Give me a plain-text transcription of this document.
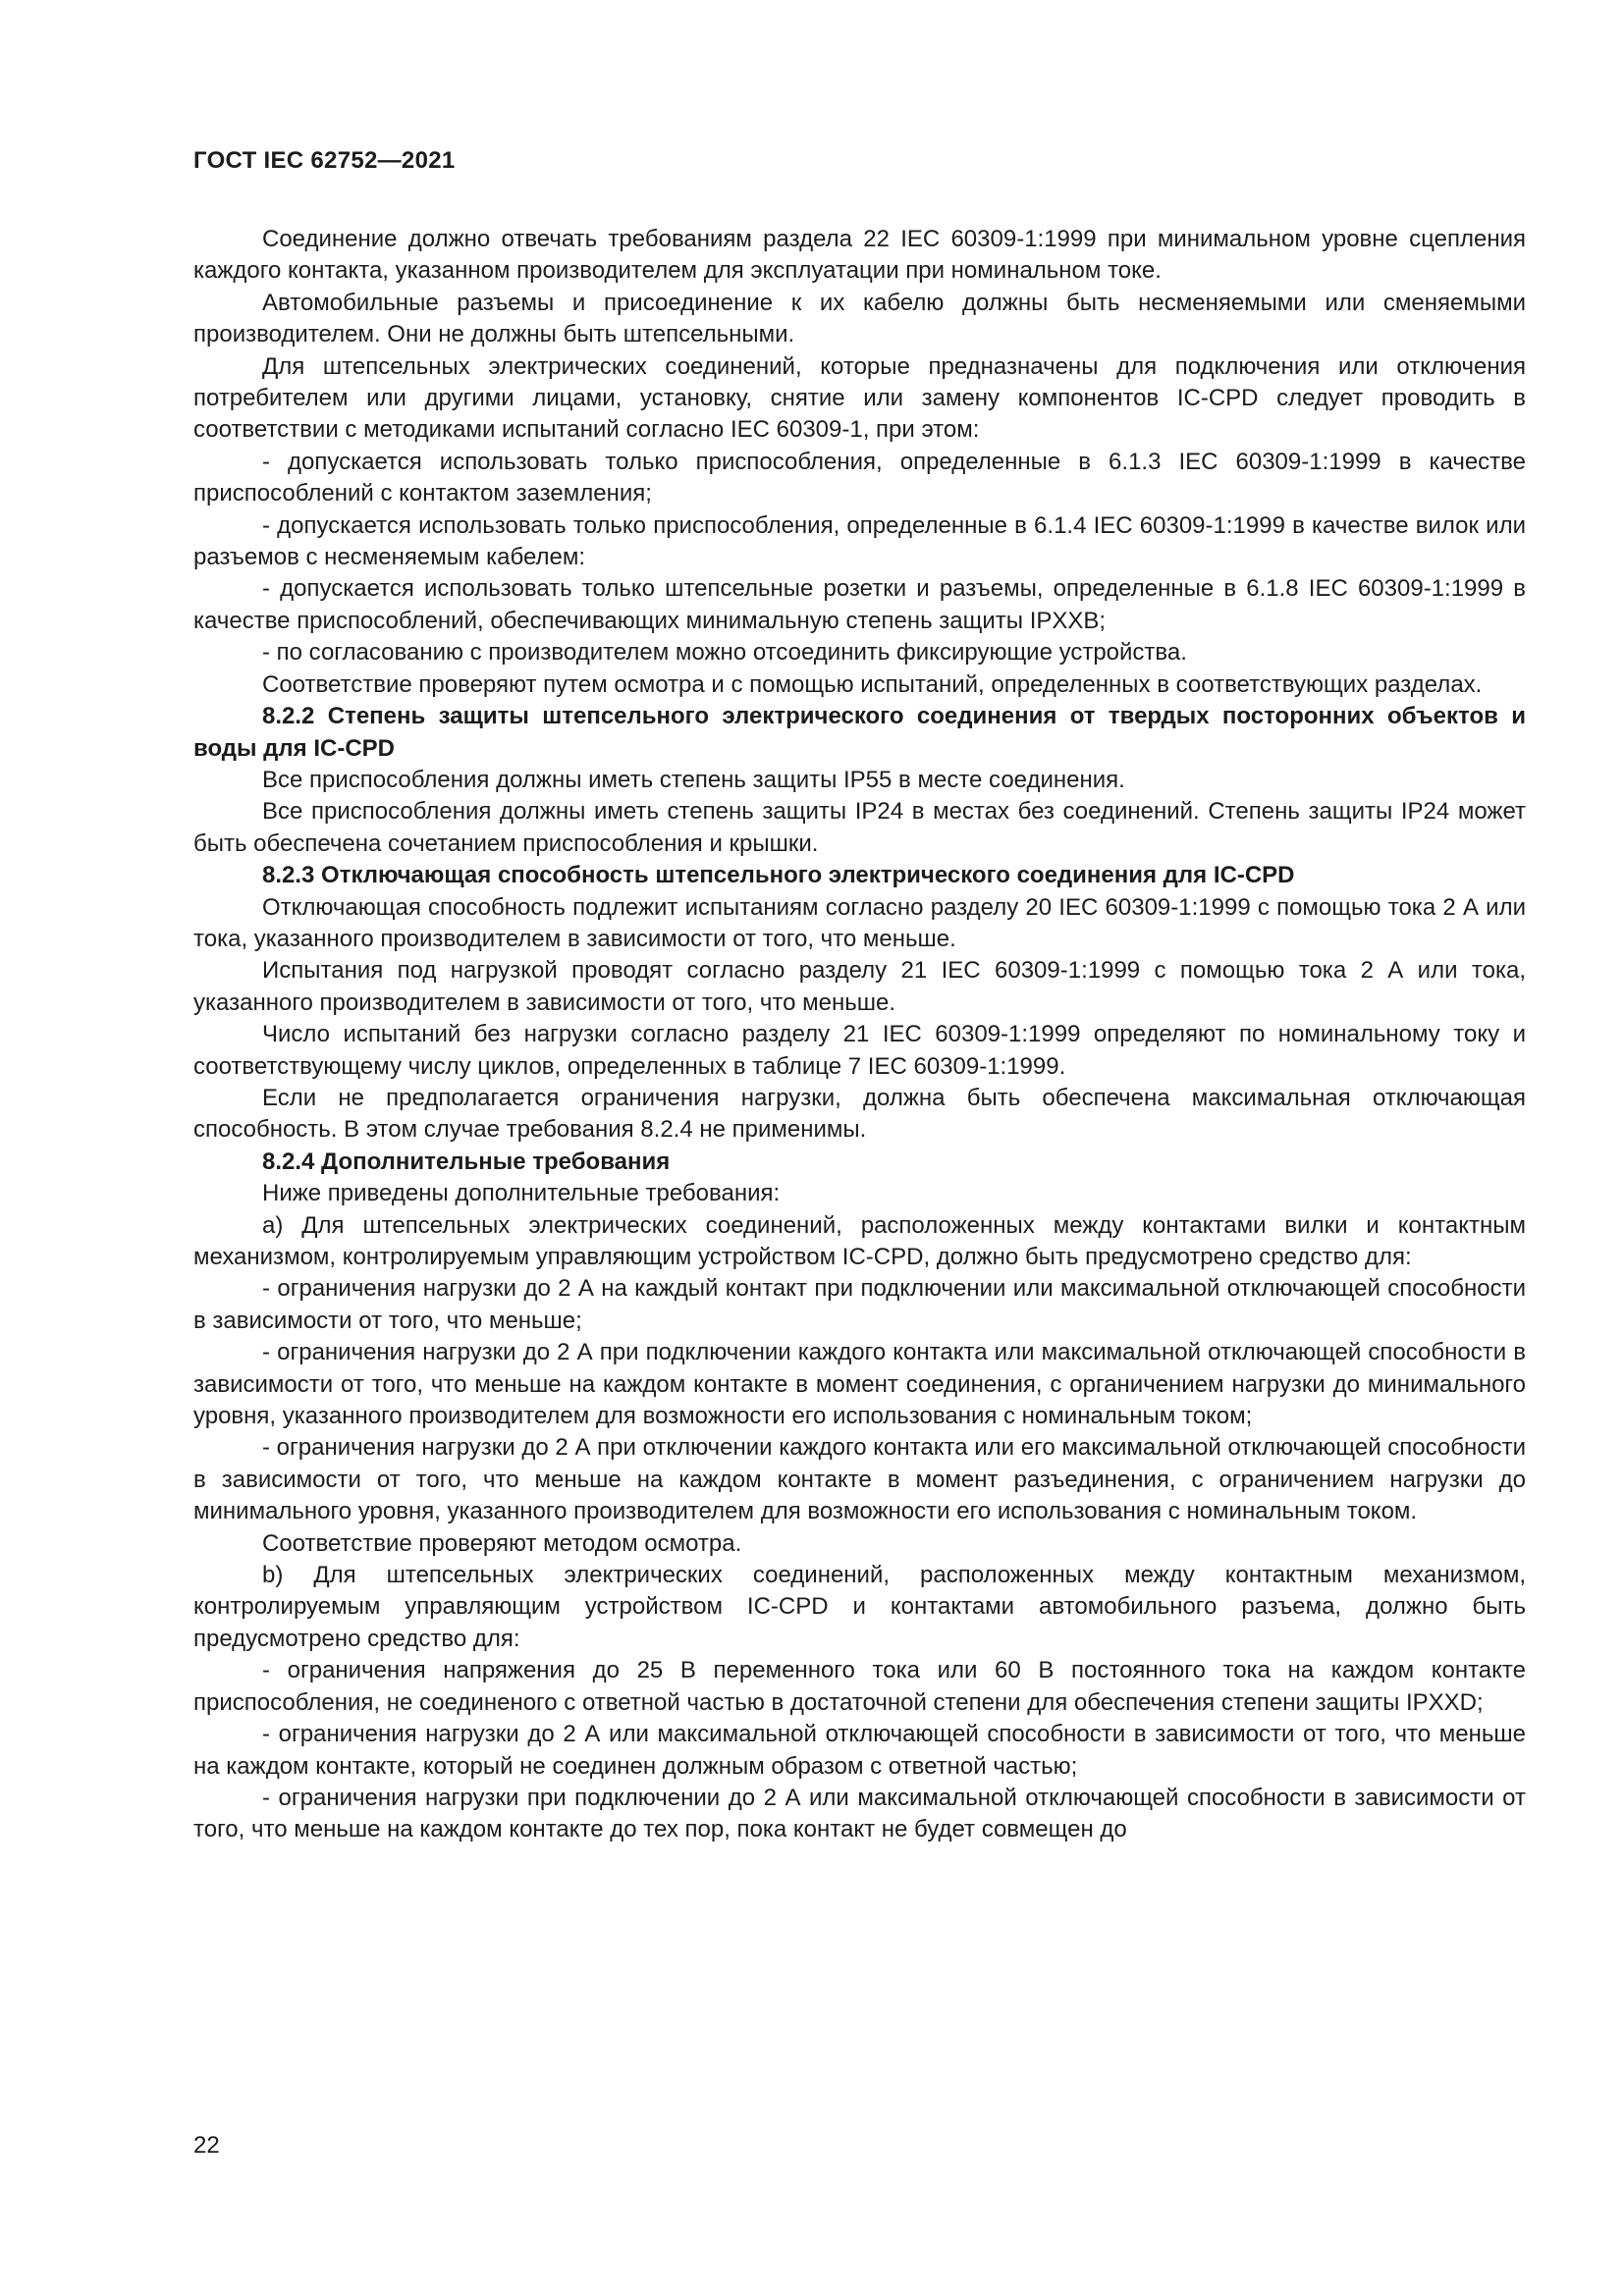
ГОСТ IEC 62752—2021

Соединение должно отвечать требованиям раздела 22 IEC 60309-1:1999 при минимальном уровне сцепления каждого контакта, указанном производителем для эксплуатации при номинальном токе.

Автомобильные разъемы и присоединение к их кабелю должны быть несменяемыми или сменяемыми производителем. Они не должны быть штепсельными.

Для штепсельных электрических соединений, которые предназначены для подключения или отключения потребителем или другими лицами, установку, снятие или замену компонентов IC-CPD следует проводить в соответствии с методиками испытаний согласно IEC 60309-1, при этом:

- допускается использовать только приспособления, определенные в 6.1.3 IEC 60309-1:1999 в качестве приспособлений с контактом заземления;

- допускается использовать только приспособления, определенные в 6.1.4 IEC 60309-1:1999 в качестве вилок или разъемов с несменяемым кабелем:

- допускается использовать только штепсельные розетки и разъемы, определенные в 6.1.8 IEC 60309-1:1999 в качестве приспособлений, обеспечивающих минимальную степень защиты IPXXB;

- по согласованию с производителем можно отсоединить фиксирующие устройства.

Соответствие проверяют путем осмотра и с помощью испытаний, определенных в соответствующих разделах.

8.2.2 Степень защиты штепсельного электрического соединения от твердых посторонних объектов и воды для IC-CPD

Все приспособления должны иметь степень защиты IP55 в месте соединения.

Все приспособления должны иметь степень защиты IP24 в местах без соединений. Степень защиты IP24 может быть обеспечена сочетанием приспособления и крышки.

8.2.3 Отключающая способность штепсельного электрического соединения для IC-CPD

Отключающая способность подлежит испытаниям согласно разделу 20 IEC 60309-1:1999 с помощью тока 2 А или тока, указанного производителем в зависимости от того, что меньше.

Испытания под нагрузкой проводят согласно разделу 21 IEC 60309-1:1999 с помощью тока 2 А или тока, указанного производителем в зависимости от того, что меньше.

Число испытаний без нагрузки согласно разделу 21 IEC 60309-1:1999 определяют по номинальному току и соответствующему числу циклов, определенных в таблице 7 IEC 60309-1:1999.

Если не предполагается ограничения нагрузки, должна быть обеспечена максимальная отключающая способность. В этом случае требования 8.2.4 не применимы.

8.2.4 Дополнительные требования

Ниже приведены дополнительные требования:

а) Для штепсельных электрических соединений, расположенных между контактами вилки и контактным механизмом, контролируемым управляющим устройством IC-CPD, должно быть предусмотрено средство для:

- ограничения нагрузки до 2 А на каждый контакт при подключении или максимальной отключающей способности в зависимости от того, что меньше;

- ограничения нагрузки до 2 А при подключении каждого контакта или максимальной отключающей способности в зависимости от того, что меньше на каждом контакте в момент соединения, с органичением нагрузки до минимального уровня, указанного производителем для возможности его использования с номинальным током;

- ограничения нагрузки до 2 А при отключении каждого контакта или его максимальной отключающей способности в зависимости от того, что меньше на каждом контакте в момент разъединения, с ограничением нагрузки до минимального уровня, указанного производителем для возможности его использования с номинальным током.

Соответствие проверяют методом осмотра.

b) Для штепсельных электрических соединений, расположенных между контактным механизмом, контролируемым управляющим устройством IC-CPD и контактами автомобильного разъема, должно быть предусмотрено средство для:

- ограничения напряжения до 25 В переменного тока или 60 В постоянного тока на каждом контакте приспособления, не соединеного с ответной частью в достаточной степени для обеспечения степени защиты IPXXD;

- ограничения нагрузки до 2 А или максимальной отключающей способности в зависимости от того, что меньше на каждом контакте, который не соединен должным образом с ответной частью;

- ограничения нагрузки при подключении до 2 А или максимальной отключающей способности в зависимости от того, что меньше на каждом контакте до тех пор, пока контакт не будет совмещен до

22
